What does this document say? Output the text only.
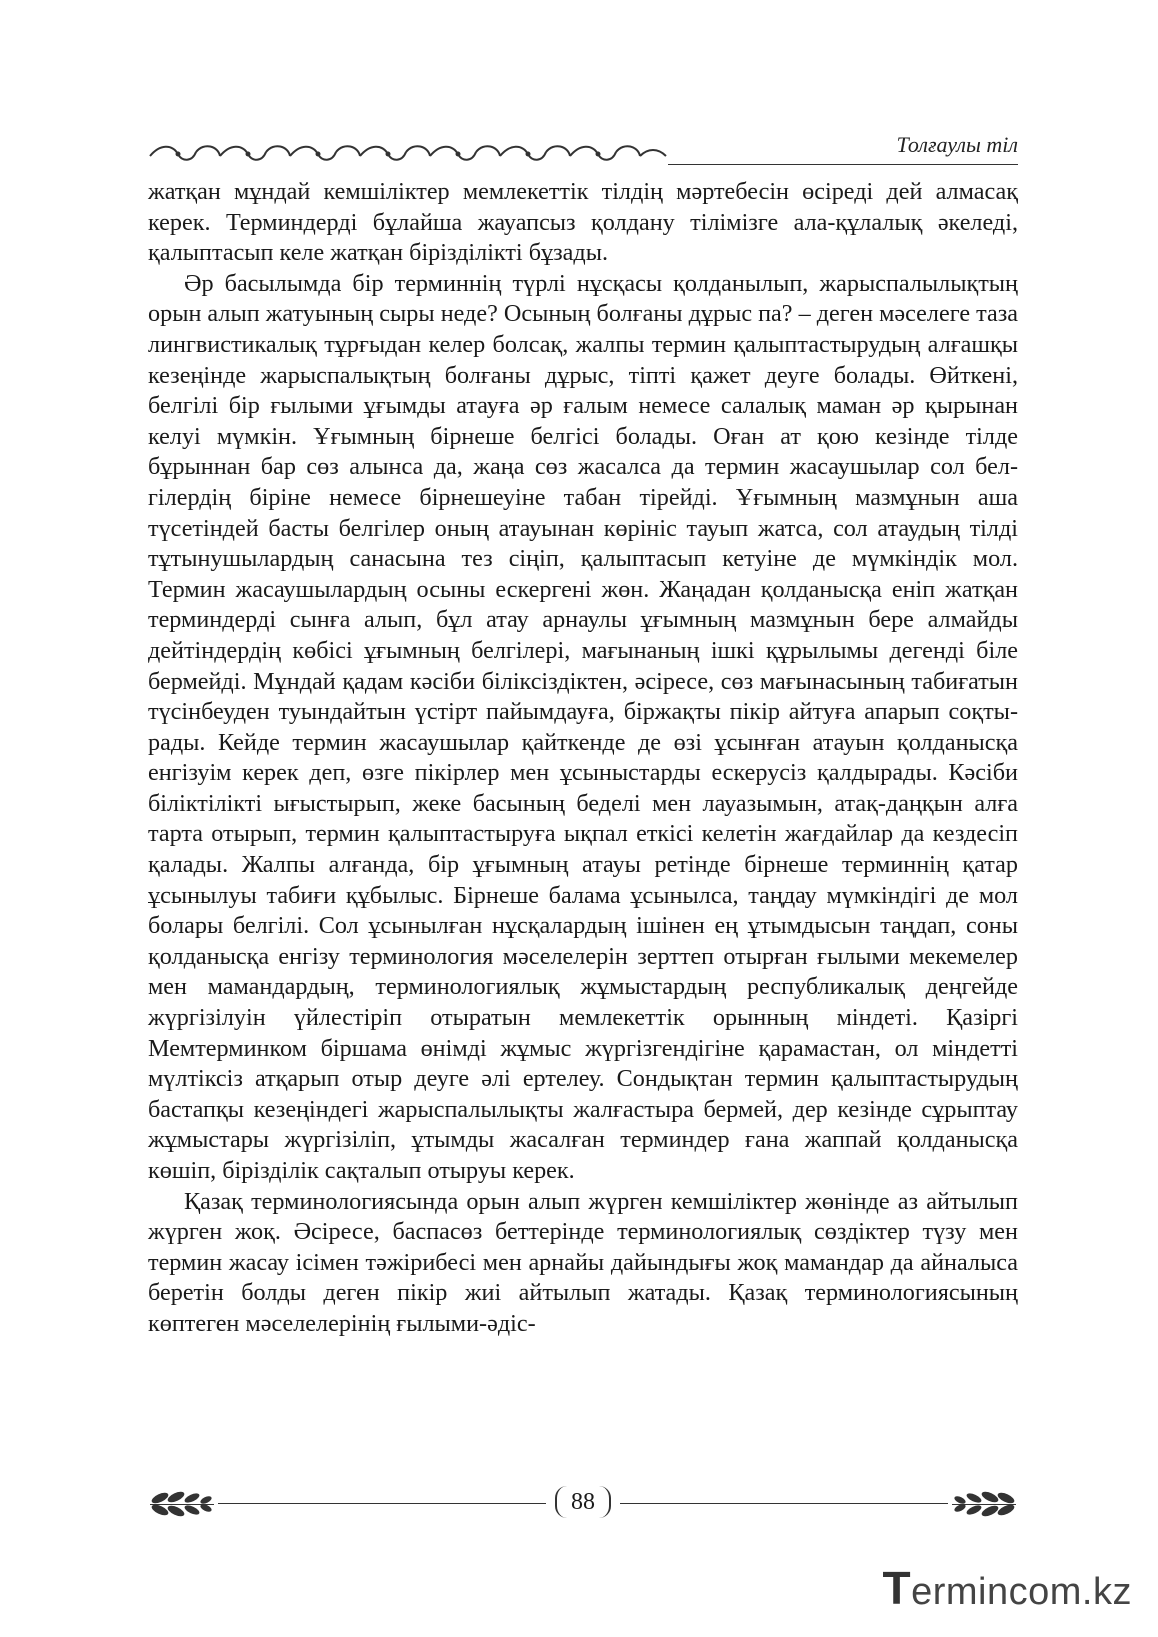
Толғаулы тіл

жатқан мұндай кемшіліктер мемлекеттік тілдің мәртебесін өсіреді дей алмасақ керек. Терминдерді бұлайша жауапсыз қолдану тілімізге ала-құлалық әкеледі, қалыптасып келе жатқан бірізділікті бұзады.

Әр басылымда бір терминнің түрлі нұсқасы қолданылып, жарыспалылықтың орын алып жатуының сыры неде? Осының болғаны дұрыс па? – деген мәселеге таза лингвистикалық тұрғыдан келер болсақ, жалпы термин қалыптастырудың алғашқы кезеңінде жарыспалықтың болғаны дұрыс, тіпті қажет деуге болады. Өйткені, белгілі бір ғылыми ұғымды атауға әр ғалым немесе салалық маман әр қырынан келуі мүмкін. Ұғымның бірнеше белгісі болады. Оған ат қою кезінде тілде бұрыннан бар сөз алынса да, жаңа сөз жасалса да термин жасаушылар сол белгілердің біріне немесе бірнешеуіне табан тірейді. Ұғымның мазмұнын аша түсетіндей басты белгілер оның атауынан көрініс тауып жатса, сол атаудың тілді тұтынушылардың санасына тез сіңіп, қалыптасып кетуіне де мүмкіндік мол. Термин жасаушылардың осыны ескергені жөн. Жаңадан қолданысқа еніп жатқан терминдерді сынға алып, бұл атау арнаулы ұғымның мазмұнын бере алмайды дейтіндердің көбісі ұғымның белгілері, мағынаның ішкі құрылымы дегенді біле бермейді. Мұндай қадам кәсіби біліксіздіктен, әсіресе, сөз мағынасының табиғатын түсінбеуден туындайтын үстірт пайымдауға, біржақты пікір айтуға апарып соқтырады. Кейде термин жасаушылар қайткенде де өзі ұсынған атауын қолданысқа енгізуім керек деп, өзге пікірлер мен ұсыныстарды ескерусіз қалдырады. Кәсіби біліктілікті ығыстырып, жеке басының беделі мен лауазымын, атақ-даңқын алға тарта отырып, термин қалыптастыруға ықпал еткісі келетін жағдайлар да кездесіп қалады. Жалпы алғанда, бір ұғымның атауы ретінде бірнеше терминнің қатар ұсынылуы табиғи құбылыс. Бірнеше балама ұсынылса, таңдау мүмкіндігі де мол болары белгілі. Сол ұсынылған нұсқалардың ішінен ең ұтымдысын таңдап, соны қолданысқа енгізу терминология мәселелерін зерттеп отырған ғылыми мекемелер мен мамандардың, терминологиялық жұмыстардың республикалық деңгейде жүргізілуін үйлестіріп отыратын мемлекеттік орынның міндеті. Қазіргі Мемтерминком біршама өнімді жұмыс жүргізгендігіне қарамастан, ол міндетті мүлтіксіз атқарып отыр деуге әлі ертелеу. Сондықтан термин қалыптастырудың бастапқы кезеңіндегі жарыспалылықты жалғастыра бермей, дер кезінде сұрыптау жұмыстары жүргізіліп, ұтымды жасалған терминдер ғана жаппай қолданысқа көшіп, бірізділік сақталып отыруы керек.

Қазақ терминологиясында орын алып жүрген кемшіліктер жөнінде аз айтылып жүрген жоқ. Әсіресе, баспасөз беттерінде терминологиялық сөздіктер түзу мен термин жасау ісімен тәжірибесі мен арнайы дайындығы жоқ мамандар да айналыса беретін болды деген пікір жиі айтылып жатады. Қазақ терминологиясының көптеген мәселелерінің ғылыми-әдіс-

88
Termincom.kz
